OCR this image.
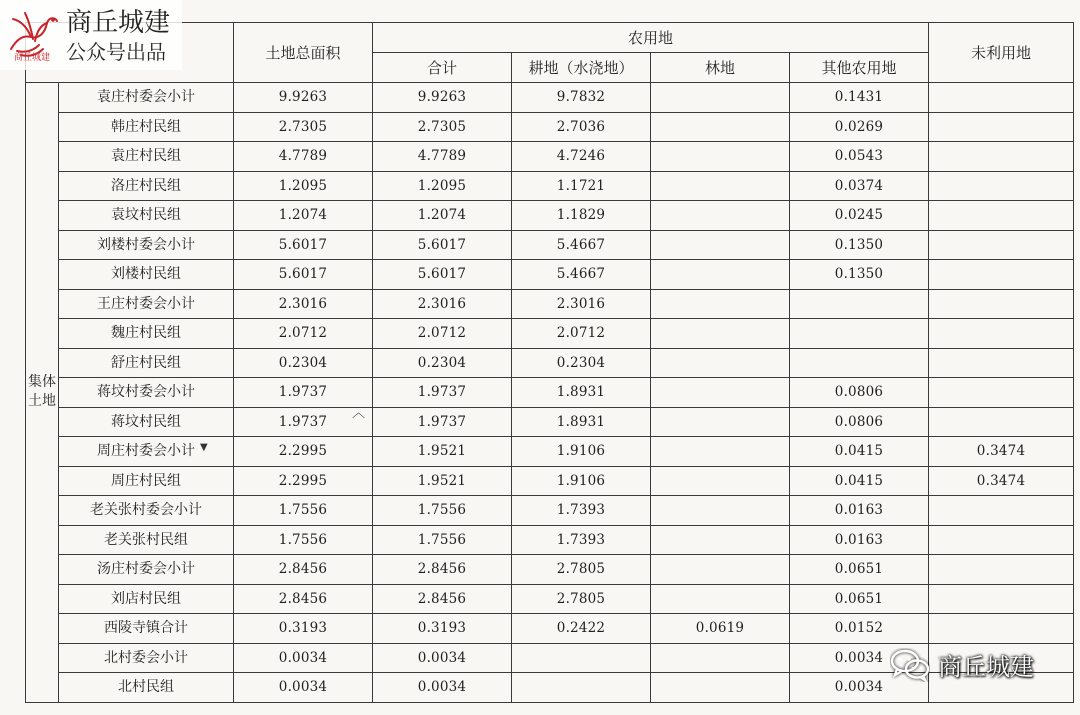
		土地总面积	农用地				未利用地
			合计	耕地（水浇地）	林地	其他农用地	
集体
土地	袁庄村委会小计	9.9263	9.9263	9.7832		0.1431	
	韩庄村民组	2.7305	2.7305	2.7036		0.0269	
	袁庄村民组	4.7789	4.7789	4.7246		0.0543	
	洛庄村民组	1.2095	1.2095	1.1721		0.0374	
	袁坟村民组	1.2074	1.2074	1.1829		0.0245	
	刘楼村委会小计	5.6017	5.6017	5.4667		0.1350	
	刘楼村民组	5.6017	5.6017	5.4667		0.1350	
	王庄村委会小计	2.3016	2.3016	2.3016			
	魏庄村民组	2.0712	2.0712	2.0712			
	舒庄村民组	0.2304	0.2304	0.2304			
	蒋坟村委会小计	1.9737	1.9737	1.8931		0.0806	
	蒋坟村民组	1.9737	1.9737	1.8931		0.0806	
	周庄村委会小计	2.2995	1.9521	1.9106		0.0415	0.3474
	周庄村民组	2.2995	1.9521	1.9106		0.0415	0.3474
	老关张村委会小计	1.7556	1.7556	1.7393		0.0163	
	老关张村民组	1.7556	1.7556	1.7393		0.0163	
	汤庄村委会小计	2.8456	2.8456	2.7805		0.0651	
	刘店村民组	2.8456	2.8456	2.7805		0.0651	
	西陵寺镇合计	0.3193	0.3193	0.2422	0.0619	0.0152	
	北村委会小计	0.0034	0.0034			0.0034	
	北村民组	0.0034	0.0034			0.0034	
商丘城建
商丘城建
公众号出品
商丘城建
︿
▼
